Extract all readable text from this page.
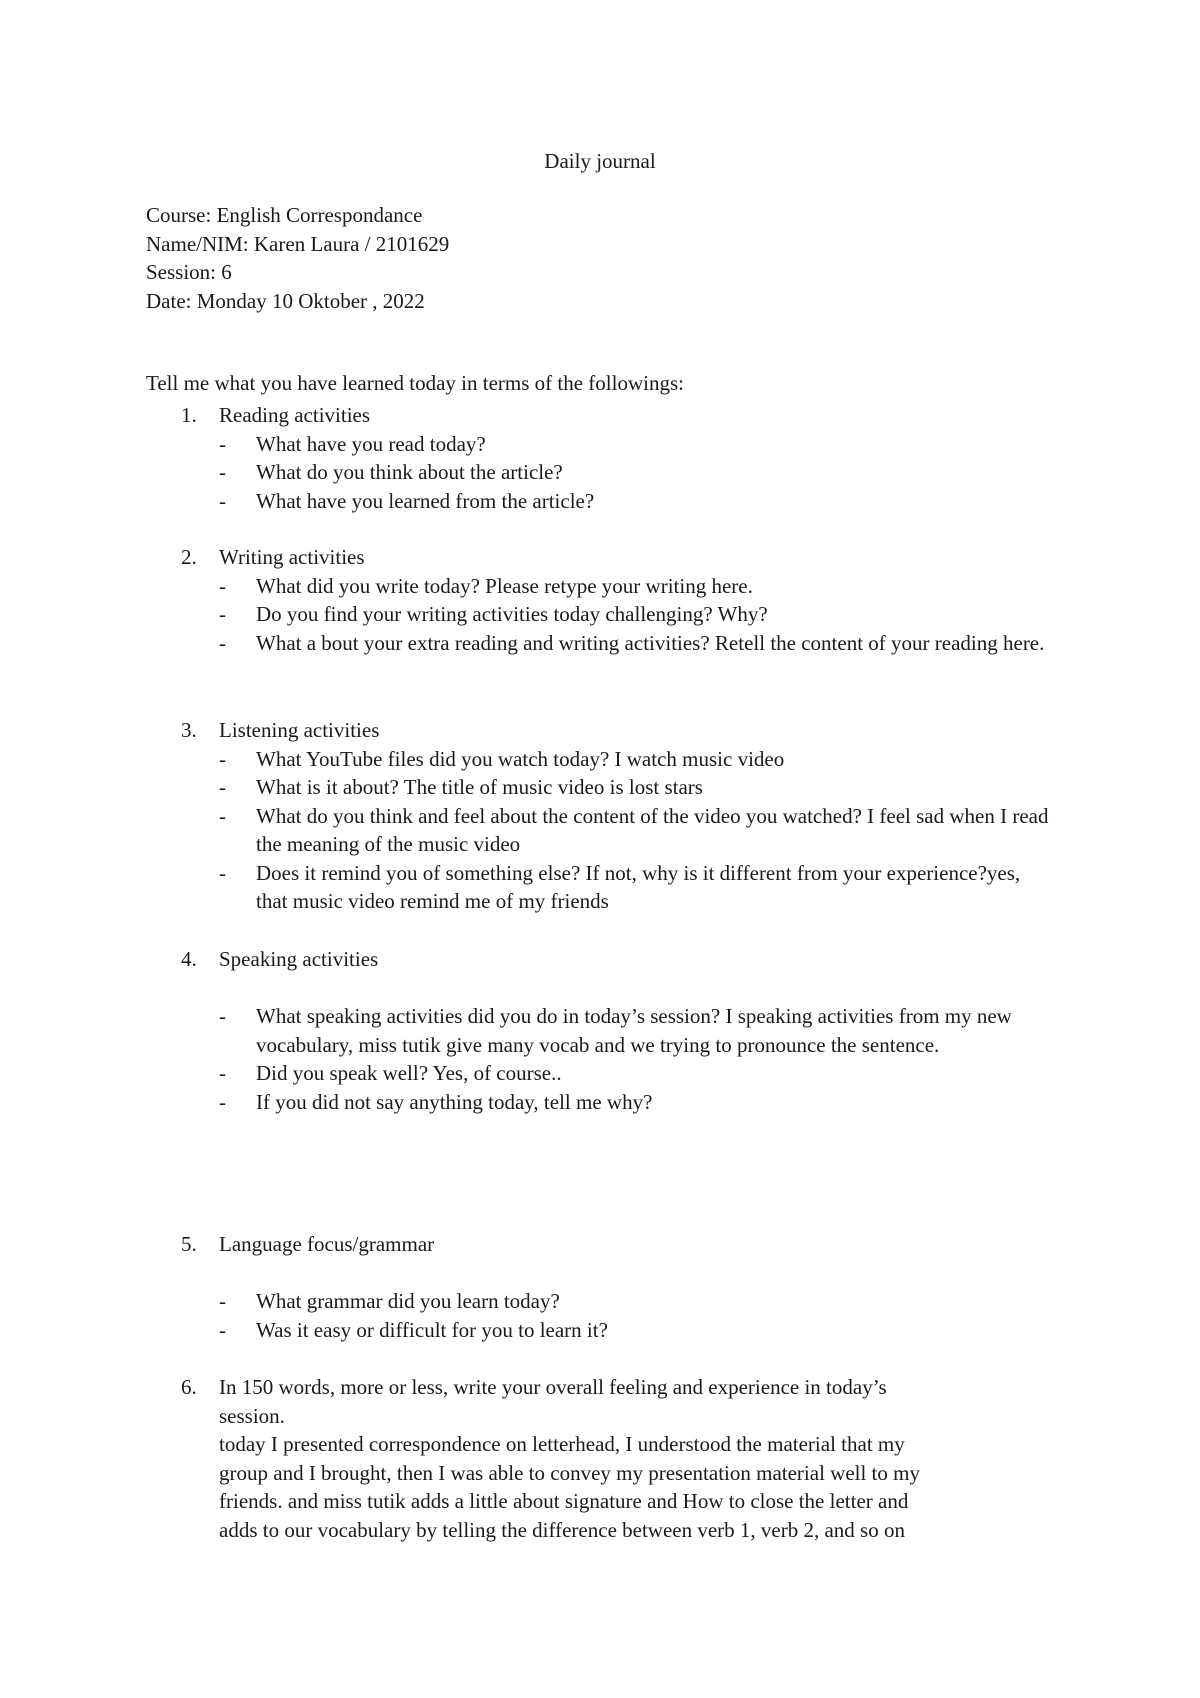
Daily journal
Course: English Correspondance
Name/NIM: Karen Laura / 2101629
Session: 6
Date: Monday 10 Oktober , 2022
Tell me what you have learned today in terms of the followings:
1. Reading activities
- What have you read today?
- What do you think about the article?
- What have you learned from the article?
2. Writing activities
- What did you write today? Please retype your writing here.
- Do you find your writing activities today challenging? Why?
- What a bout your extra reading and writing activities? Retell the content of your reading here.
3. Listening activities
- What YouTube files did you watch today? I watch music video
- What is it about? The title of music video is lost stars
- What do you think and feel about the content of the video you watched? I feel sad when I read the meaning of the music video
- Does it remind you of something else? If not, why is it different from your experience?yes, that music video remind me of my friends
4. Speaking activities
- What speaking activities did you do in today’s session? I speaking activities from my new vocabulary, miss tutik give many vocab and we trying to pronounce the sentence.
- Did you speak well? Yes, of course..
- If you did not say anything today, tell me why?
5. Language focus/grammar
- What grammar did you learn today?
- Was it easy or difficult for you to learn it?
6. In 150 words, more or less, write your overall feeling and experience in today’s
session.
today I presented correspondence on letterhead, I understood the material that my
group and I brought, then I was able to convey my presentation material well to my
friends. and miss tutik adds a little about signature and How to close the letter and
adds to our vocabulary by telling the difference between verb 1, verb 2, and so on
